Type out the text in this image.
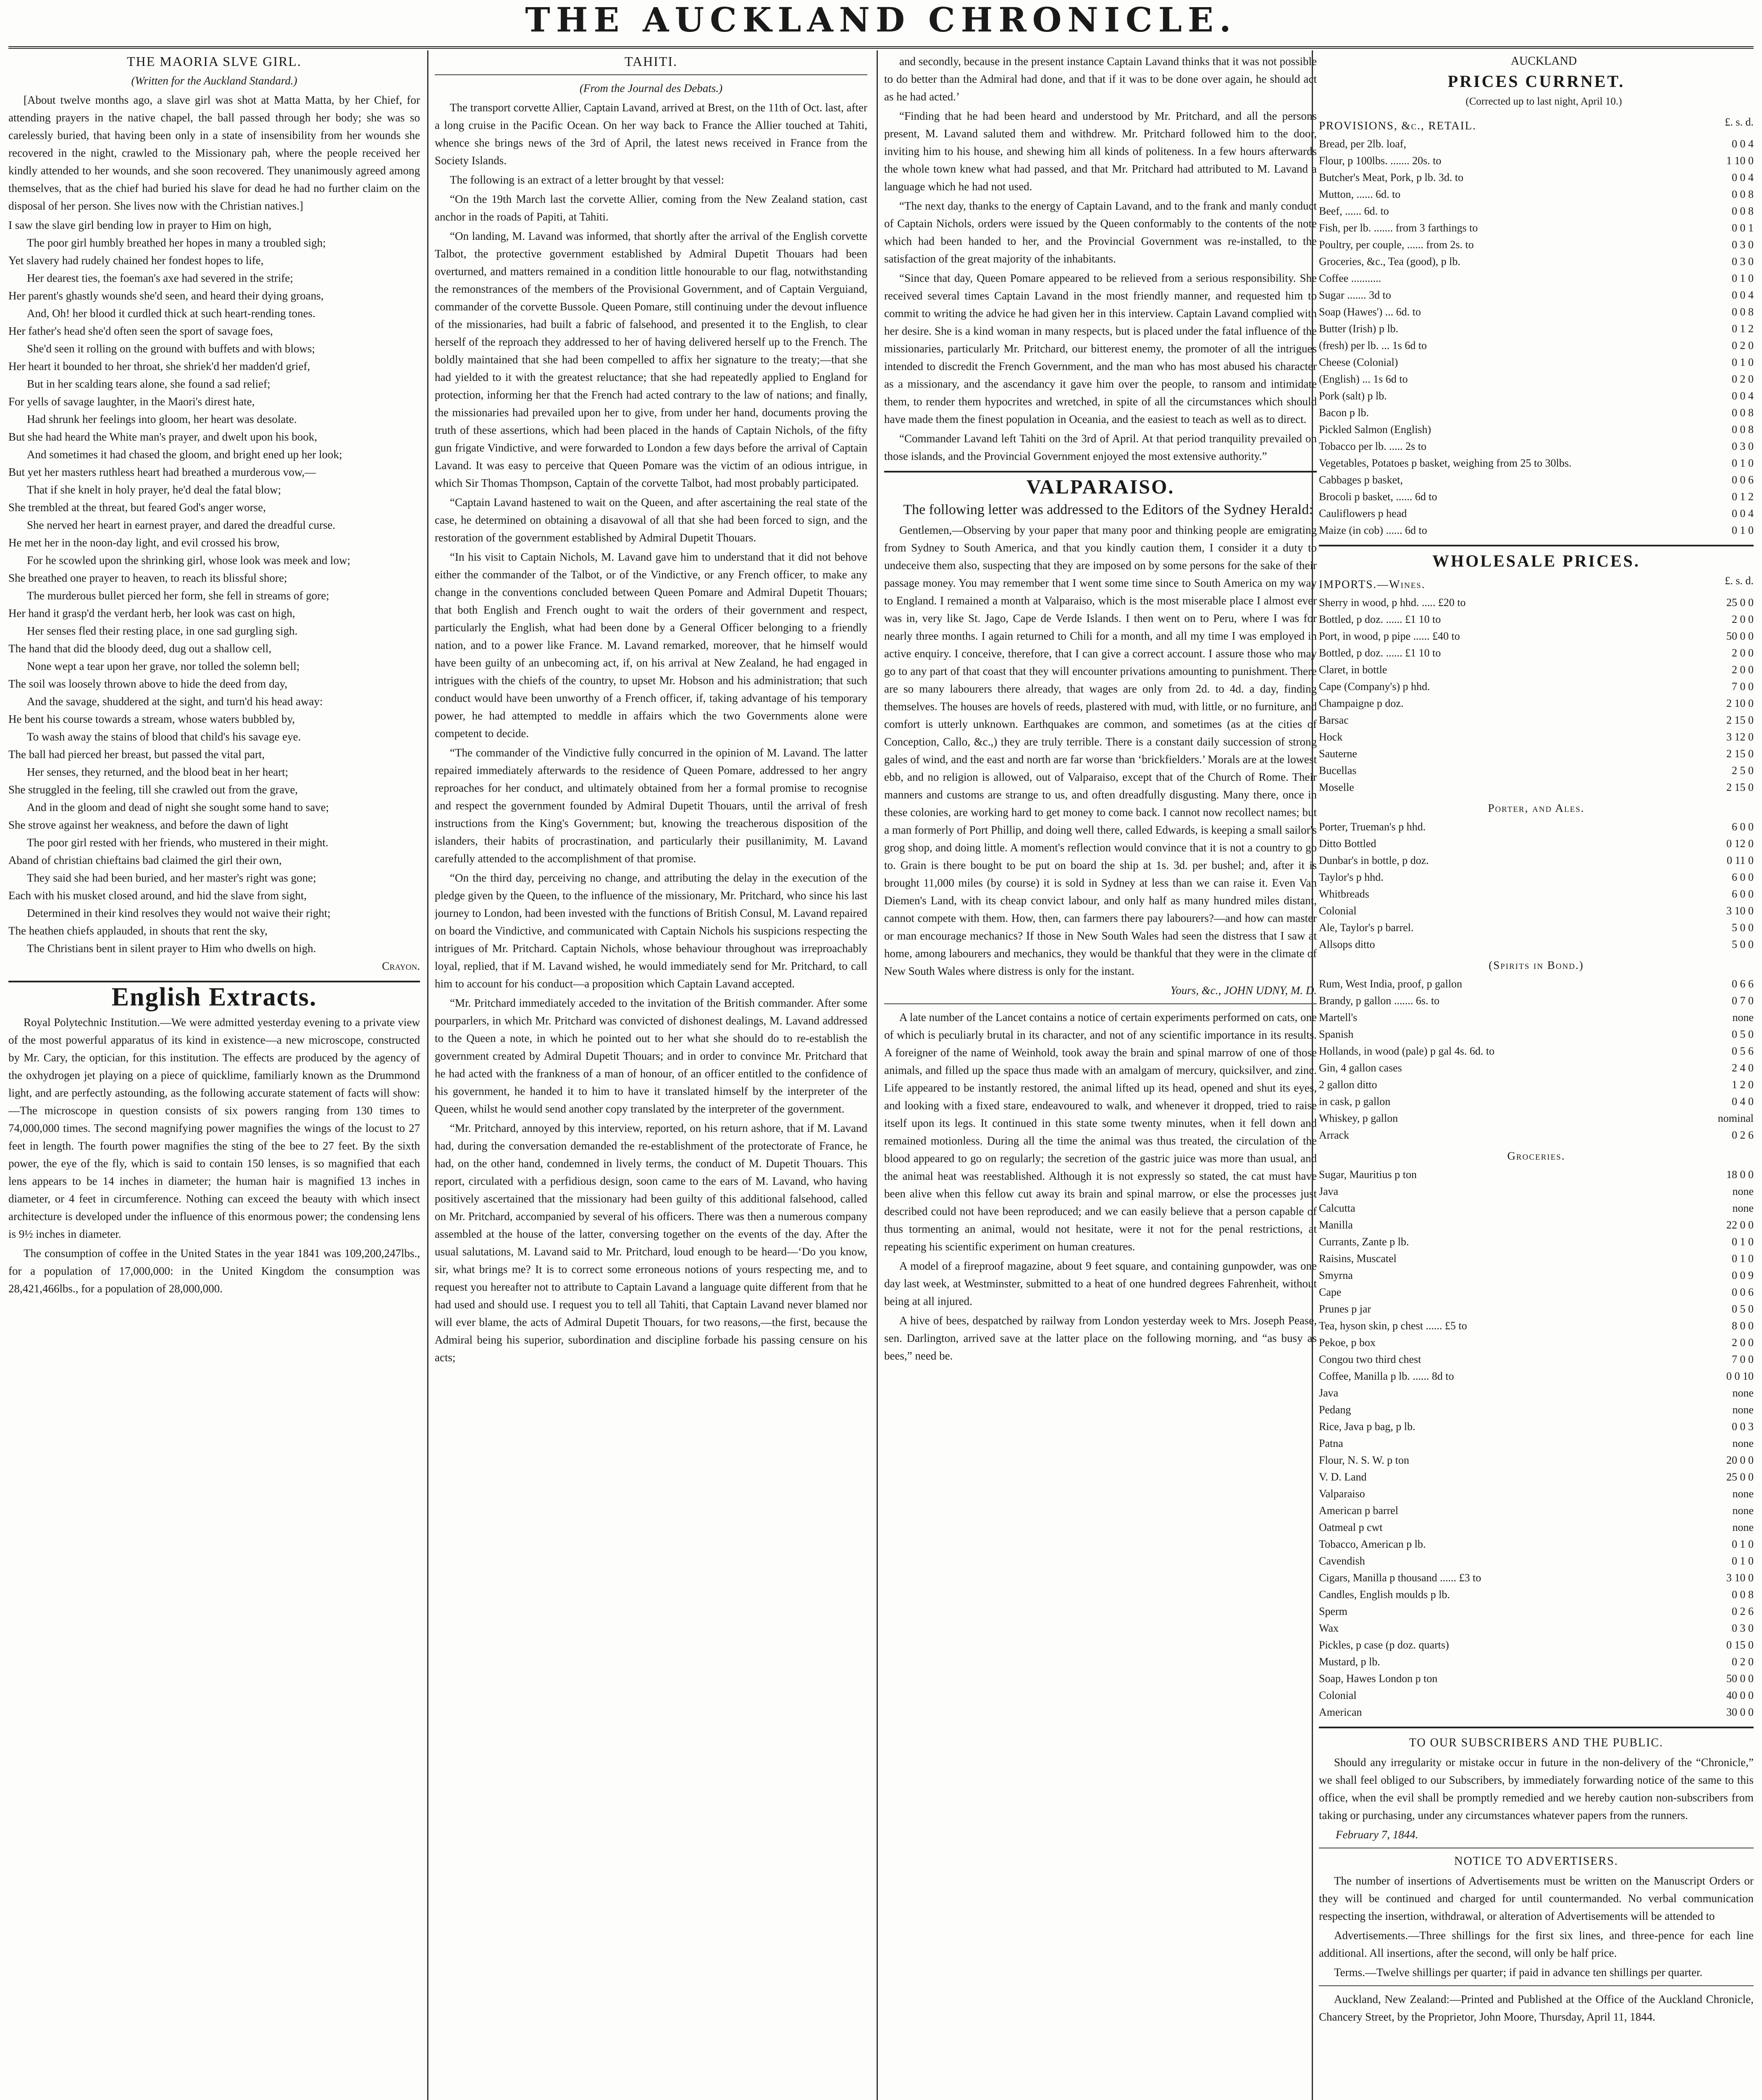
THE AUCKLAND CHRONICLE.

THE MAORIA SLVE GIRL.

(Written for the Auckland Standard.)

[About twelve months ago, a slave girl was shot at Matta Matta, by her Chief, for attending prayers in the native chapel, the ball passed through her body; she was so carelessly buried, that having been only in a state of insensibility from her wounds she recovered in the night, crawled to the Missionary pah, where the people received her kindly attended to her wounds, and she soon recovered. They unanimously agreed among themselves, that as the chief had buried his slave for dead he had no further claim on the disposal of her person. She lives now with the Christian natives.]

I saw the slave girl bending low in prayer to Him on high,

The poor girl humbly breathed her hopes in many a troubled sigh;

Yet slavery had rudely chained her fondest hopes to life,

Her dearest ties, the foeman's axe had severed in the strife;

Her parent's ghastly wounds she'd seen, and heard their dying groans,

And, Oh! her blood it curdled thick at such heart-rending tones.

Her father's head she'd often seen the sport of savage foes,

She'd seen it rolling on the ground with buffets and with blows;

Her heart it bounded to her throat, she shriek'd her madden'd grief,

But in her scalding tears alone, she found a sad relief;

For yells of savage laughter, in the Maori's direst hate,

Had shrunk her feelings into gloom, her heart was desolate.

But she had heard the White man's prayer, and dwelt upon his book,

And sometimes it had chased the gloom, and bright ened up her look;

But yet her masters ruthless heart had breathed a murderous vow,—

That if she knelt in holy prayer, he'd deal the fatal blow;

She trembled at the threat, but feared God's anger worse,

She nerved her heart in earnest prayer, and dared the dreadful curse.

He met her in the noon-day light, and evil crossed his brow,

For he scowled upon the shrinking girl, whose look was meek and low;

She breathed one prayer to heaven, to reach its blissful shore;

The murderous bullet pierced her form, she fell in streams of gore;

Her hand it grasp'd the verdant herb, her look was cast on high,

Her senses fled their resting place, in one sad gurgling sigh.

The hand that did the bloody deed, dug out a shallow cell,

None wept a tear upon her grave, nor tolled the solemn bell;

The soil was loosely thrown above to hide the deed from day,

And the savage, shuddered at the sight, and turn'd his head away:

He bent his course towards a stream, whose waters bubbled by,

To wash away the stains of blood that child's his savage eye.

The ball had pierced her breast, but passed the vital part,

Her senses, they returned, and the blood beat in her heart;

She struggled in the feeling, till she crawled out from the grave,

And in the gloom and dead of night she sought some hand to save;

She strove against her weakness, and before the dawn of light

The poor girl rested with her friends, who mustered in their might.

Aband of christian chieftains bad claimed the girl their own,

They said she had been buried, and her master's right was gone;

Each with his musket closed around, and hid the slave from sight,

Determined in their kind resolves they would not waive their right;

The heathen chiefs applauded, in shouts that rent the sky,

The Christians bent in silent prayer to Him who dwells on high.

Crayon.

English Extracts.

Royal Polytechnic Institution.—We were admitted yesterday evening to a private view of the most powerful apparatus of its kind in existence—a new microscope, constructed by Mr. Cary, the optician, for this institution. The effects are produced by the agency of the oxhydrogen jet playing on a piece of quicklime, familiarly known as the Drummond light, and are perfectly astounding, as the following accurate statement of facts will show:—The microscope in question consists of six powers ranging from 130 times to 74,000,000 times. The second magnifying power magnifies the wings of the locust to 27 feet in length. The fourth power magnifies the sting of the bee to 27 feet. By the sixth power, the eye of the fly, which is said to contain 150 lenses, is so magnified that each lens appears to be 14 inches in diameter; the human hair is magnified 13 inches in diameter, or 4 feet in circumference. Nothing can exceed the beauty with which insect architecture is developed under the influence of this enormous power; the condensing lens is 9½ inches in diameter.

The consumption of coffee in the United States in the year 1841 was 109,200,247lbs., for a population of 17,000,000: in the United Kingdom the consumption was 28,421,466lbs., for a population of 28,000,000.

TAHITI.

(From the Journal des Debats.)

The transport corvette Allier, Captain Lavand, arrived at Brest, on the 11th of Oct. last, after a long cruise in the Pacific Ocean. On her way back to France the Allier touched at Tahiti, whence she brings news of the 3rd of April, the latest news received in France from the Society Islands.

The following is an extract of a letter brought by that vessel:

“On the 19th March last the corvette Allier, coming from the New Zealand station, cast anchor in the roads of Papiti, at Tahiti.

“On landing, M. Lavand was informed, that shortly after the arrival of the English corvette Talbot, the protective government established by Admiral Dupetit Thouars had been overturned, and matters remained in a condition little honourable to our flag, notwithstanding the remonstrances of the members of the Provisional Government, and of Captain Verguiand, commander of the corvette Bussole. Queen Pomare, still continuing under the devout influence of the missionaries, had built a fabric of falsehood, and presented it to the English, to clear herself of the reproach they addressed to her of having delivered herself up to the French. The boldly maintained that she had been compelled to affix her signature to the treaty;—that she had yielded to it with the greatest reluctance; that she had repeatedly applied to England for protection, informing her that the French had acted contrary to the law of nations; and finally, the missionaries had prevailed upon her to give, from under her hand, documents proving the truth of these assertions, which had been placed in the hands of Captain Nichols, of the fifty gun frigate Vindictive, and were forwarded to London a few days before the arrival of Captain Lavand. It was easy to perceive that Queen Pomare was the victim of an odious intrigue, in which Sir Thomas Thompson, Captain of the corvette Talbot, had most probably participated.

“Captain Lavand hastened to wait on the Queen, and after ascertaining the real state of the case, he determined on obtaining a disavowal of all that she had been forced to sign, and the restoration of the government established by Admiral Dupetit Thouars.

“In his visit to Captain Nichols, M. Lavand gave him to understand that it did not behove either the commander of the Talbot, or of the Vindictive, or any French officer, to make any change in the conventions concluded between Queen Pomare and Admiral Dupetit Thouars; that both English and French ought to wait the orders of their government and respect, particularly the English, what had been done by a General Officer belonging to a friendly nation, and to a power like France. M. Lavand remarked, moreover, that he himself would have been guilty of an unbecoming act, if, on his arrival at New Zealand, he had engaged in intrigues with the chiefs of the country, to upset Mr. Hobson and his administration; that such conduct would have been unworthy of a French officer, if, taking advantage of his temporary power, he had attempted to meddle in affairs which the two Governments alone were competent to decide.

“The commander of the Vindictive fully concurred in the opinion of M. Lavand. The latter repaired immediately afterwards to the residence of Queen Pomare, addressed to her angry reproaches for her conduct, and ultimately obtained from her a formal promise to recognise and respect the government founded by Admiral Dupetit Thouars, until the arrival of fresh instructions from the King's Government; but, knowing the treacherous disposition of the islanders, their habits of procrastination, and particularly their pusillanimity, M. Lavand carefully attended to the accomplishment of that promise.

“On the third day, perceiving no change, and attributing the delay in the execution of the pledge given by the Queen, to the influence of the missionary, Mr. Pritchard, who since his last journey to London, had been invested with the functions of British Consul, M. Lavand repaired on board the Vindictive, and communicated with Captain Nichols his suspicions respecting the intrigues of Mr. Pritchard. Captain Nichols, whose behaviour throughout was irreproachably loyal, replied, that if M. Lavand wished, he would immediately send for Mr. Pritchard, to call him to account for his conduct—a proposition which Captain Lavand accepted.

“Mr. Pritchard immediately acceded to the invitation of the British commander. After some pourparlers, in which Mr. Pritchard was convicted of dishonest dealings, M. Lavand addressed to the Queen a note, in which he pointed out to her what she should do to re-establish the government created by Admiral Dupetit Thouars; and in order to convince Mr. Pritchard that he had acted with the frankness of a man of honour, of an officer entitled to the confidence of his government, he handed it to him to have it translated himself by the interpreter of the Queen, whilst he would send another copy translated by the interpreter of the government.

“Mr. Pritchard, annoyed by this interview, reported, on his return ashore, that if M. Lavand had, during the conversation demanded the re-establishment of the protectorate of France, he had, on the other hand, condemned in lively terms, the conduct of M. Dupetit Thouars. This report, circulated with a perfidious design, soon came to the ears of M. Lavand, who having positively ascertained that the missionary had been guilty of this additional falsehood, called on Mr. Pritchard, accompanied by several of his officers. There was then a numerous company assembled at the house of the latter, conversing together on the events of the day. After the usual salutations, M. Lavand said to Mr. Pritchard, loud enough to be heard—‘Do you know, sir, what brings me? It is to correct some erroneous notions of yours respecting me, and to request you hereafter not to attribute to Captain Lavand a language quite different from that he had used and should use. I request you to tell all Tahiti, that Captain Lavand never blamed nor will ever blame, the acts of Admiral Dupetit Thouars, for two reasons,—the first, because the Admiral being his superior, subordination and discipline forbade his passing censure on his acts;

and secondly, because in the present instance Captain Lavand thinks that it was not possible to do better than the Admiral had done, and that if it was to be done over again, he should act as he had acted.’

“Finding that he had been heard and understood by Mr. Pritchard, and all the persons present, M. Lavand saluted them and withdrew. Mr. Pritchard followed him to the door, inviting him to his house, and shewing him all kinds of politeness. In a few hours afterwards the whole town knew what had passed, and that Mr. Pritchard had attributed to M. Lavand a language which he had not used.

“The next day, thanks to the energy of Captain Lavand, and to the frank and manly conduct of Captain Nichols, orders were issued by the Queen conformably to the contents of the note which had been handed to her, and the Provincial Government was re-installed, to the satisfaction of the great majority of the inhabitants.

“Since that day, Queen Pomare appeared to be relieved from a serious responsibility. She received several times Captain Lavand in the most friendly manner, and requested him to commit to writing the advice he had given her in this interview. Captain Lavand complied with her desire. She is a kind woman in many respects, but is placed under the fatal influence of the missionaries, particularly Mr. Pritchard, our bitterest enemy, the promoter of all the intrigues intended to discredit the French Government, and the man who has most abused his character as a missionary, and the ascendancy it gave him over the people, to ransom and intimidate them, to render them hypocrites and wretched, in spite of all the circumstances which should have made them the finest population in Oceania, and the easiest to teach as well as to direct.

“Commander Lavand left Tahiti on the 3rd of April. At that period tranquility prevailed on those islands, and the Provincial Government enjoyed the most extensive authority.”

VALPARAISO.

The following letter was addressed to the Editors of the Sydney Herald:

Gentlemen,—Observing by your paper that many poor and thinking people are emigrating from Sydney to South America, and that you kindly caution them, I consider it a duty to undeceive them also, suspecting that they are imposed on by some persons for the sake of their passage money. You may remember that I went some time since to South America on my way to England. I remained a month at Valparaiso, which is the most miserable place I almost ever was in, very like St. Jago, Cape de Verde Islands. I then went on to Peru, where I was for nearly three months. I again returned to Chili for a month, and all my time I was employed in active enquiry. I conceive, therefore, that I can give a correct account. I assure those who may go to any part of that coast that they will encounter privations amounting to punishment. There are so many labourers there already, that wages are only from 2d. to 4d. a day, finding themselves. The houses are hovels of reeds, plastered with mud, with little, or no furniture, and comfort is utterly unknown. Earthquakes are common, and sometimes (as at the cities of Conception, Callo, &c.,) they are truly terrible. There is a constant daily succession of strong gales of wind, and the east and north are far worse than ‘brickfielders.’ Morals are at the lowest ebb, and no religion is allowed, out of Valparaiso, except that of the Church of Rome. Their manners and customs are strange to us, and often dreadfully disgusting. Many there, once in these colonies, are working hard to get money to come back. I cannot now recollect names; but a man formerly of Port Phillip, and doing well there, called Edwards, is keeping a small sailor's grog shop, and doing little. A moment's reflection would convince that it is not a country to go to. Grain is there bought to be put on board the ship at 1s. 3d. per bushel; and, after it is brought 11,000 miles (by course) it is sold in Sydney at less than we can raise it. Even Van Diemen's Land, with its cheap convict labour, and only half as many hundred miles distant, cannot compete with them. How, then, can farmers there pay labourers?—and how can master or man encourage mechanics? If those in New South Wales had seen the distress that I saw at home, among labourers and mechanics, they would be thankful that they were in the climate of New South Wales where distress is only for the instant.

Yours, &c., JOHN UDNY, M. D.

A late number of the Lancet contains a notice of certain experiments performed on cats, one of which is peculiarly brutal in its character, and not of any scientific importance in its results. A foreigner of the name of Weinhold, took away the brain and spinal marrow of one of those animals, and filled up the space thus made with an amalgam of mercury, quicksilver, and zinc. Life appeared to be instantly restored, the animal lifted up its head, opened and shut its eyes, and looking with a fixed stare, endeavoured to walk, and whenever it dropped, tried to raise itself upon its legs. It continued in this state some twenty minutes, when it fell down and remained motionless. During all the time the animal was thus treated, the circulation of the blood appeared to go on regularly; the secretion of the gastric juice was more than usual, and the animal heat was reestablished. Although it is not expressly so stated, the cat must have been alive when this fellow cut away its brain and spinal marrow, or else the processes just described could not have been reproduced; and we can easily believe that a person capable of thus tormenting an animal, would not hesitate, were it not for the penal restrictions, at repeating his scientific experiment on human creatures.

A model of a fireproof magazine, about 9 feet square, and containing gunpowder, was one day last week, at Westminster, submitted to a heat of one hundred degrees Fahrenheit, without being at all injured.

A hive of bees, despatched by railway from London yesterday week to Mrs. Joseph Pease, sen. Darlington, arrived save at the latter place on the following morning, and “as busy as bees,” need be.

AUCKLAND

PRICES CURRNET.

(Corrected up to last night, April 10.)

PROVISIONS, &c., RETAIL.	£. s. d.
Bread, per 2lb. loaf,	0 0 4
Flour, p 100lbs. ....... 20s. to	1 10 0
Butcher's Meat, Pork, p lb. 3d. to	0 0 4
Mutton, ...... 6d. to	0 0 8
Beef, ...... 6d. to	0 0 8
Fish, per lb. ....... from 3 farthings to	0 0 1
Poultry, per couple, ...... from 2s. to	0 3 0
Groceries, &c., Tea (good), p lb.	0 3 0
Coffee ...........	0 1 0
Sugar ....... 3d to	0 0 4
Soap (Hawes') ... 6d. to	0 0 8
Butter (Irish) p lb.	0 1 2
(fresh) per lb. ... 1s 6d to	0 2 0
Cheese (Colonial)	0 1 0
(English) ... 1s 6d to	0 2 0
Pork (salt) p lb.	0 0 4
Bacon p lb.	0 0 8
Pickled Salmon (English)	0 0 8
Tobacco per lb. ..... 2s to	0 3 0
Vegetables, Potatoes p basket, weighing from 25 to 30lbs.	0 1 0
Cabbages p basket,	0 0 6
Brocoli p basket, ...... 6d to	0 1 2
Cauliflowers p head	0 0 4
Maize (in cob) ...... 6d to	0 1 0
WHOLESALE PRICES.
IMPORTS.—Wines.	£. s. d.
Sherry in wood, p hhd. ..... £20 to	25 0 0
Bottled, p doz. ...... £1 10 to	2 0 0
Port, in wood, p pipe ...... £40 to	50 0 0
Bottled, p doz. ...... £1 10 to	2 0 0
Claret, in bottle	2 0 0
Cape (Company's) p hhd.	7 0 0
Champaigne p doz.	2 10 0
Barsac	2 15 0
Hock	3 12 0
Sauterne	2 15 0
Bucellas	2 5 0
Moselle	2 15 0
Porter, and Ales.
Porter, Trueman's p hhd.	6 0 0
Ditto Bottled	0 12 0
Dunbar's in bottle, p doz.	0 11 0
Taylor's p hhd.	6 0 0
Whitbreads	6 0 0
Colonial	3 10 0
Ale, Taylor's p barrel.	5 0 0
Allsops ditto	5 0 0
(Spirits in Bond.)
Rum, West India, proof, p gallon	0 6 6
Brandy, p gallon ....... 6s. to	0 7 0
Martell's	none
Spanish	0 5 0
Hollands, in wood (pale) p gal 4s. 6d. to	0 5 6
Gin, 4 gallon cases	2 4 0
2 gallon ditto	1 2 0
in cask, p gallon	0 4 0
Whiskey, p gallon	nominal
Arrack	0 2 6
Groceries.
Sugar, Mauritius p ton	18 0 0
Java	none
Calcutta	none
Manilla	22 0 0
Currants, Zante p lb.	0 1 0
Raisins, Muscatel	0 1 0
Smyrna	0 0 9
Cape	0 0 6
Prunes p jar	0 5 0
Tea, hyson skin, p chest ...... £5 to	8 0 0
Pekoe, p box	2 0 0
Congou two third chest	7 0 0
Coffee, Manilla p lb. ...... 8d to	0 0 10
Java	none
Pedang	none
Rice, Java p bag, p lb.	0 0 3
Patna	none
Flour, N. S. W. p ton	20 0 0
V. D. Land	25 0 0
Valparaiso	none
American p barrel	none
Oatmeal p cwt	none
Tobacco, American p lb.	0 1 0
Cavendish	0 1 0
Cigars, Manilla p thousand ...... £3 to	3 10 0
Candles, English moulds p lb.	0 0 8
Sperm	0 2 6
Wax	0 3 0
Pickles, p case (p doz. quarts)	0 15 0
Mustard, p lb.	0 2 0
Soap, Hawes London p ton	50 0 0
Colonial	40 0 0
American	30 0 0

TO OUR SUBSCRIBERS AND THE PUBLIC.

Should any irregularity or mistake occur in future in the non-delivery of the “Chronicle,” we shall feel obliged to our Subscribers, by immediately forwarding notice of the same to this office, when the evil shall be promptly remedied and we hereby caution non-subscribers from taking or purchasing, under any circumstances whatever papers from the runners.

February 7, 1844.

NOTICE TO ADVERTISERS.

The number of insertions of Advertisements must be written on the Manuscript Orders or they will be continued and charged for until countermanded. No verbal communication respecting the insertion, withdrawal, or alteration of Advertisements will be attended to

Advertisements.—Three shillings for the first six lines, and three-pence for each line additional. All insertions, after the second, will only be half price.

Terms.—Twelve shillings per quarter; if paid in advance ten shillings per quarter.

Auckland, New Zealand:—Printed and Published at the Office of the Auckland Chronicle, Chancery Street, by the Proprietor, John Moore, Thursday, April 11, 1844.
